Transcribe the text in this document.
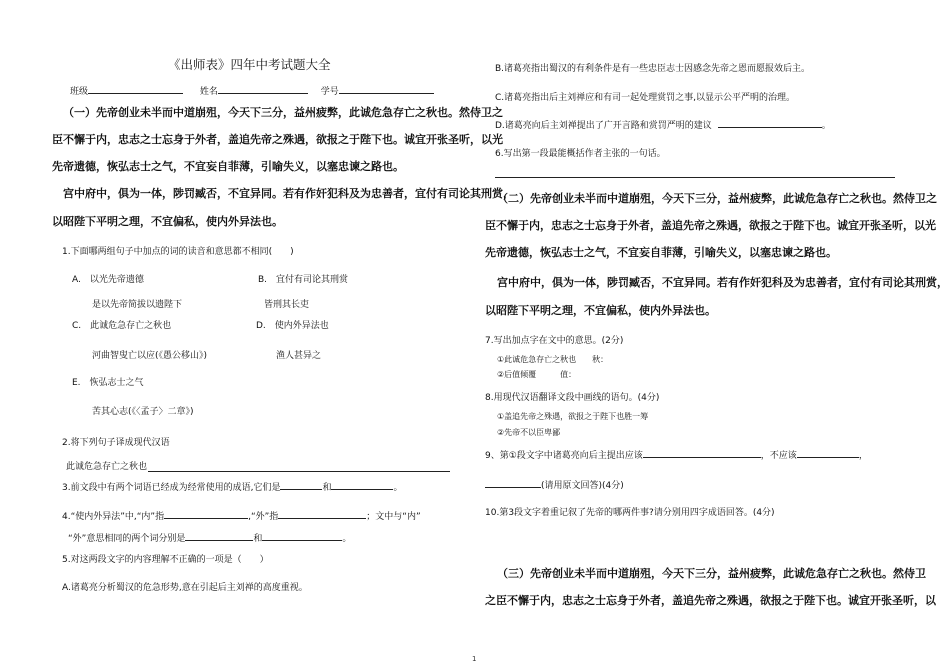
《出师表》四年中考试题大全
班级	姓名	学号
（一）先帝创业未半而中道崩殂，今天下三分，益州疲弊，此诚危急存亡之秋也。然侍卫之
臣不懈于内，忠志之士忘身于外者，盖追先帝之殊遇，欲报之于陛下也。诚宜开张圣听，以光
先帝遗德，恢弘志士之气，不宜妄自菲薄，引喻失义，以塞忠谏之路也。
宫中府中，俱为一体，陟罚臧否，不宜异同。若有作奸犯科及为忠善者，宜付有司论其刑赏，
以昭陛下平明之理，不宜偏私，使内外异法也。
1.下面哪两组句子中加点的词的读音和意思都不相同(　　)
A.　以光先帝遗德	B.　宜付有司论其刑赏
是以先帝简拔以遗陛下	皆刑其长吏
C.　此诚危急存亡之秋也	D.　使内外异法也
河曲智叟亡以应(《愚公移山》)	渔人甚异之
E.　恢弘志士之气
苦其心志(《〈孟子〉二章》)
2.将下列句子译成现代汉语
此诚危急存亡之秋也
3.前文段中有两个词语已经成为经常使用的成语,它们是	和	。
4.“使内外异法”中,“内”指	,“外”指	；文中与“内”
“外”意思相同的两个词分别是	和	。
5.对这两段文字的内容理解不正确的一项是（　　）
A.诸葛亮分析蜀汉的危急形势,意在引起后主刘禅的高度重视。
B.诸葛亮指出蜀汉的有利条件是有一些忠臣志士因感念先帝之恩而愿报效后主。
C.诸葛亮指出后主刘禅应和有司一起处理赏罚之事,以显示公平严明的治理。
D.诸葛亮向后主刘禅提出了广开言路和赏罚严明的建议	。
6.写出第一段最能概括作者主张的一句话。
（二）先帝创业未半而中道崩殂，今天下三分，益州疲弊，此诚危急存亡之秋也。然侍卫之
臣不懈于内，忠志之士忘身于外者，盖追先帝之殊遇，欲报之于陛下也。诚宜开张圣听，以光
先帝遗德，恢弘志士之气，不宜妄自菲薄，引喻失义，以塞忠谏之路也。
宫中府中，俱为一体，陟罚臧否，不宜异同。若有作奸犯科及为忠善者，宜付有司论其刑赏，
以昭陛下平明之理，不宜偏私，使内外异法也。
7.写出加点字在文中的意思。(2分)
①此诚危急存亡之秋也　　秋：
②后值倾覆　　　值：
8.用现代汉语翻译文段中画线的语句。(4分)
①盖追先帝之殊遇，欲报之于陛下也胜一筹
②先帝不以臣卑鄙
9、第①段文字中诸葛亮向后主提出应该	，不应该	，
(请用原文回答)(4分)
10.第3段文字着重记叙了先帝的哪两件事?请分别用四字成语回答。(4分)
（三）先帝创业未半而中道崩殂，今天下三分，益州疲弊，此诚危急存亡之秋也。然侍卫
之臣不懈于内，忠志之士忘身于外者，盖追先帝之殊遇，欲报之于陛下也。诚宜开张圣听，以
1
